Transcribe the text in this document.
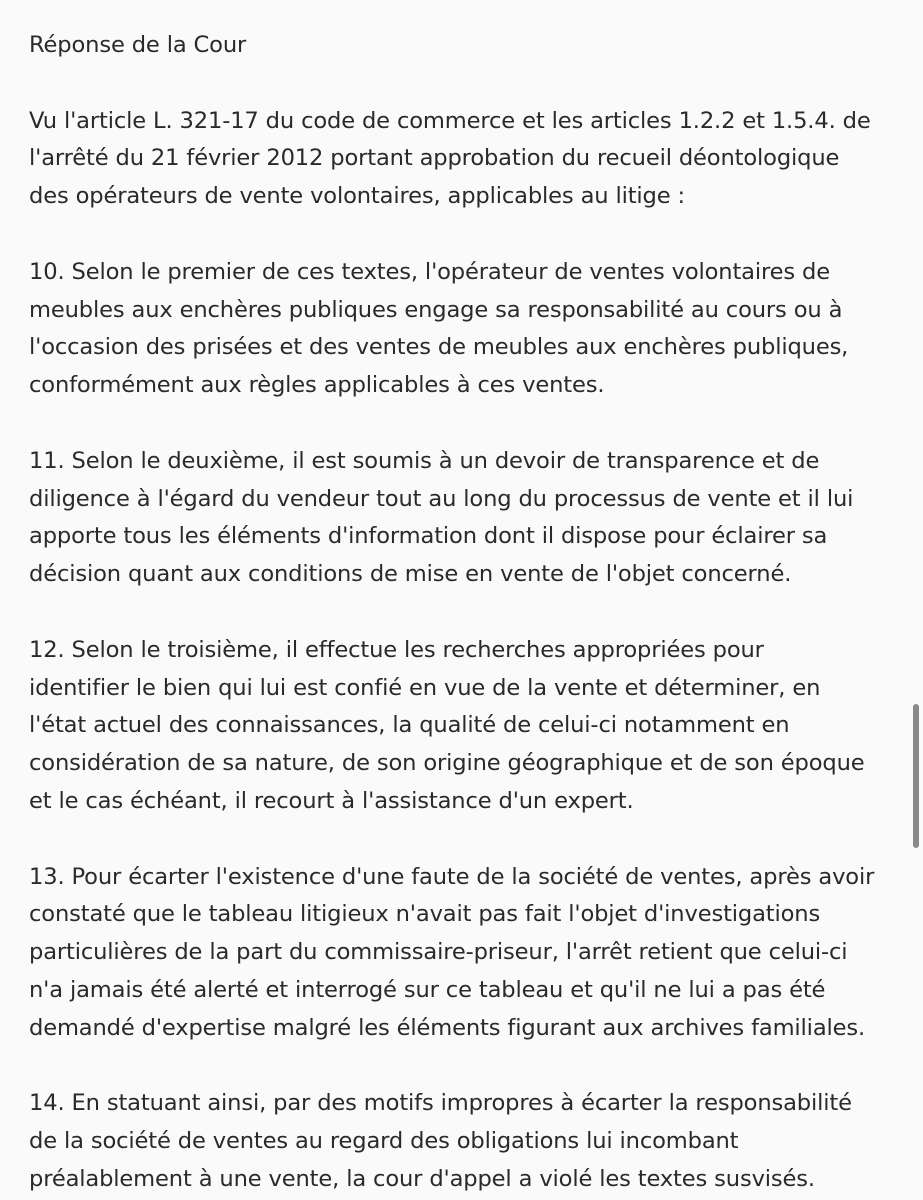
Réponse de la Cour

Vu l'article L. 321-17 du code de commerce et les articles 1.2.2 et 1.5.4. de
l'arrêté du 21 février 2012 portant approbation du recueil déontologique
des opérateurs de vente volontaires, applicables au litige :

10. Selon le premier de ces textes, l'opérateur de ventes volontaires de
meubles aux enchères publiques engage sa responsabilité au cours ou à
l'occasion des prisées et des ventes de meubles aux enchères publiques,
conformément aux règles applicables à ces ventes.

11. Selon le deuxième, il est soumis à un devoir de transparence et de
diligence à l'égard du vendeur tout au long du processus de vente et il lui
apporte tous les éléments d'information dont il dispose pour éclairer sa
décision quant aux conditions de mise en vente de l'objet concerné.

12. Selon le troisième, il effectue les recherches appropriées pour
identifier le bien qui lui est confié en vue de la vente et déterminer, en
l'état actuel des connaissances, la qualité de celui-ci notamment en
considération de sa nature, de son origine géographique et de son époque
et le cas échéant, il recourt à l'assistance d'un expert.

13. Pour écarter l'existence d'une faute de la société de ventes, après avoir
constaté que le tableau litigieux n'avait pas fait l'objet d'investigations
particulières de la part du commissaire-priseur, l'arrêt retient que celui-ci
n'a jamais été alerté et interrogé sur ce tableau et qu'il ne lui a pas été
demandé d'expertise malgré les éléments figurant aux archives familiales.

14. En statuant ainsi, par des motifs impropres à écarter la responsabilité
de la société de ventes au regard des obligations lui incombant
préalablement à une vente, la cour d'appel a violé les textes susvisés.
